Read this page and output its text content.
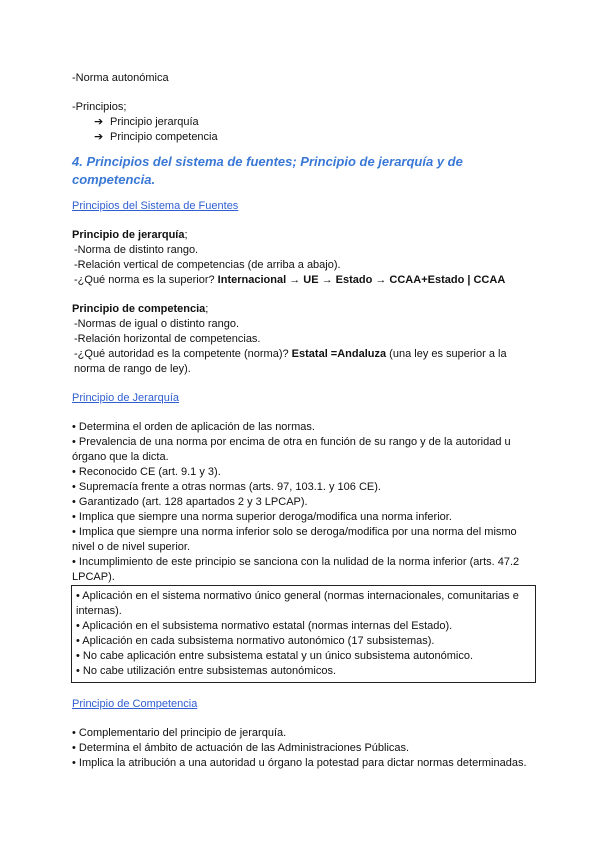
-Norma autonómica

-Principios;

➔ Principio jerarquía
➔ Principio competencia

4. Principios del sistema de fuentes; Principio de jerarquía y de competencia.

Principios del Sistema de Fuentes

Principio de jerarquía;

-Norma de distinto rango.

-Relación vertical de competencias (de arriba a abajo).

-¿Qué norma es la superior? Internacional → UE → Estado → CCAA+Estado | CCAA

Principio de competencia;

-Normas de igual o distinto rango.

-Relación horizontal de competencias.

-¿Qué autoridad es la competente (norma)? Estatal =Andaluza (una ley es superior a la norma de rango de ley).

Principio de Jerarquía

• Determina el orden de aplicación de las normas.

• Prevalencia de una norma por encima de otra en función de su rango y de la autoridad u órgano que la dicta.

• Reconocido CE (art. 9.1 y 3).

• Supremacía frente a otras normas (arts. 97, 103.1. y 106 CE).

• Garantizado (art. 128 apartados 2 y 3 LPCAP).

• Implica que siempre una norma superior deroga/modifica una norma inferior.

• Implica que siempre una norma inferior solo se deroga/modifica por una norma del mismo nivel o de nivel superior.

• Incumplimiento de este principio se sanciona con la nulidad de la norma inferior (arts. 47.2 LPCAP).

• Aplicación en el sistema normativo único general (normas internacionales, comunitarias e internas).

• Aplicación en el subsistema normativo estatal (normas internas del Estado).

• Aplicación en cada subsistema normativo autonómico (17 subsistemas).

• No cabe aplicación entre subsistema estatal y un único subsistema autonómico.

• No cabe utilización entre subsistemas autonómicos.

Principio de Competencia

• Complementario del principio de jerarquía.

• Determina el ámbito de actuación de las Administraciones Públicas.

• Implica la atribución a una autoridad u órgano la potestad para dictar normas determinadas.
